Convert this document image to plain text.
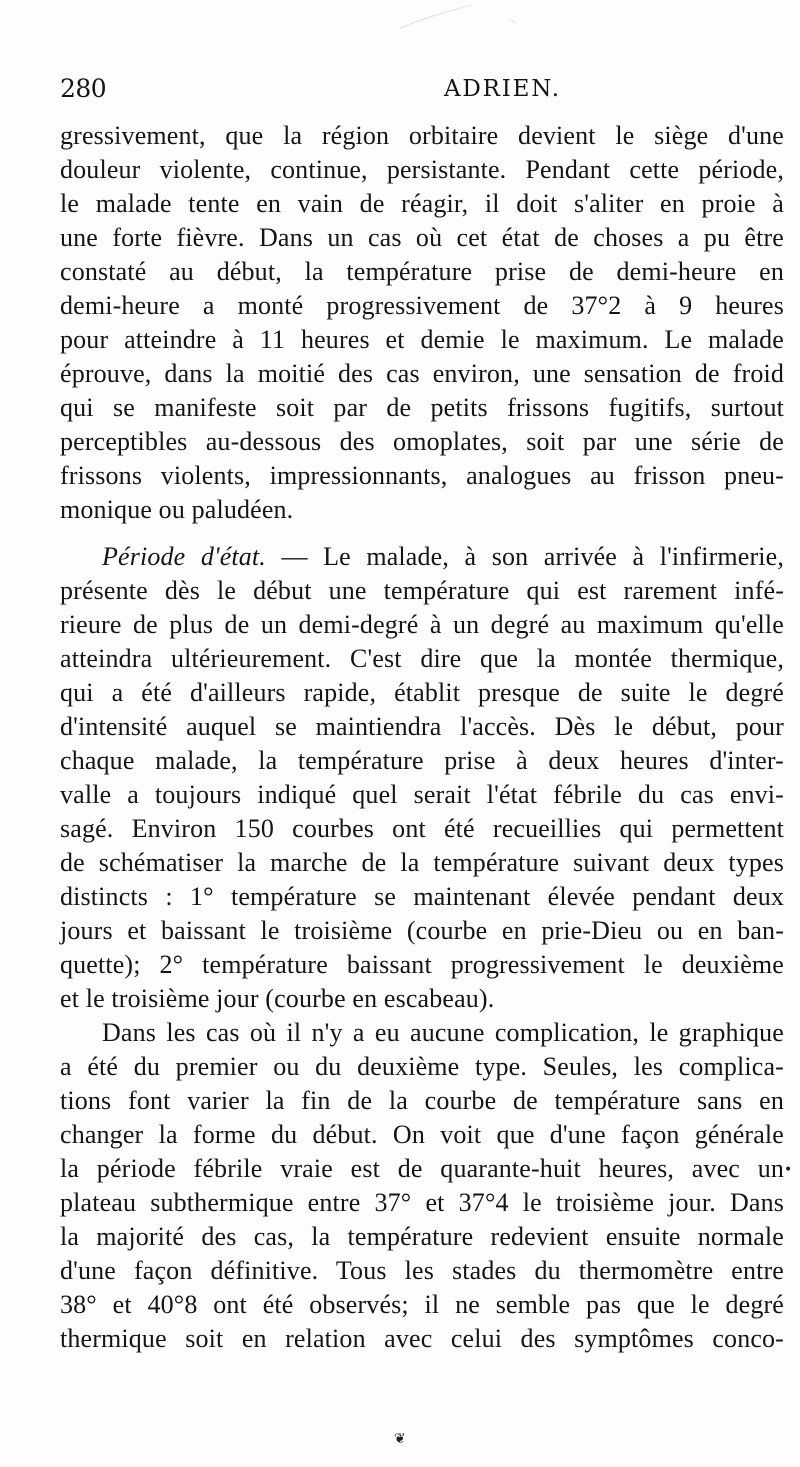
280	ADRIEN.
gressivement, que la région orbitaire devient le siège d'une
douleur violente, continue, persistante. Pendant cette période,
le malade tente en vain de réagir, il doit s'aliter en proie à
une forte fièvre. Dans un cas où cet état de choses a pu être
constaté au début, la température prise de demi-heure en
demi-heure a monté progressivement de 37°2 à 9 heures
pour atteindre à 11 heures et demie le maximum. Le malade
éprouve, dans la moitié des cas environ, une sensation de froid
qui se manifeste soit par de petits frissons fugitifs, surtout
perceptibles au-dessous des omoplates, soit par une série de
frissons violents, impressionnants, analogues au frisson pneu-
monique ou paludéen.
Période d'état. — Le malade, à son arrivée à l'infirmerie,
présente dès le début une température qui est rarement infé-
rieure de plus de un demi-degré à un degré au maximum qu'elle
atteindra ultérieurement. C'est dire que la montée thermique,
qui a été d'ailleurs rapide, établit presque de suite le degré
d'intensité auquel se maintiendra l'accès. Dès le début, pour
chaque malade, la température prise à deux heures d'inter-
valle a toujours indiqué quel serait l'état fébrile du cas envi-
sagé. Environ 150 courbes ont été recueillies qui permettent
de schématiser la marche de la température suivant deux types
distincts : 1° température se maintenant élevée pendant deux
jours et baissant le troisième (courbe en prie-Dieu ou en ban-
quette); 2° température baissant progressivement le deuxième
et le troisième jour (courbe en escabeau).
Dans les cas où il n'y a eu aucune complication, le graphique
a été du premier ou du deuxième type. Seules, les complica-
tions font varier la fin de la courbe de température sans en
changer la forme du début. On voit que d'une façon générale
la période fébrile vraie est de quarante-huit heures, avec un
plateau subthermique entre 37° et 37°4 le troisième jour. Dans
la majorité des cas, la température redevient ensuite normale
d'une façon définitive. Tous les stades du thermomètre entre
38° et 40°8 ont été observés; il ne semble pas que le degré
thermique soit en relation avec celui des symptômes conco-
•
❦
